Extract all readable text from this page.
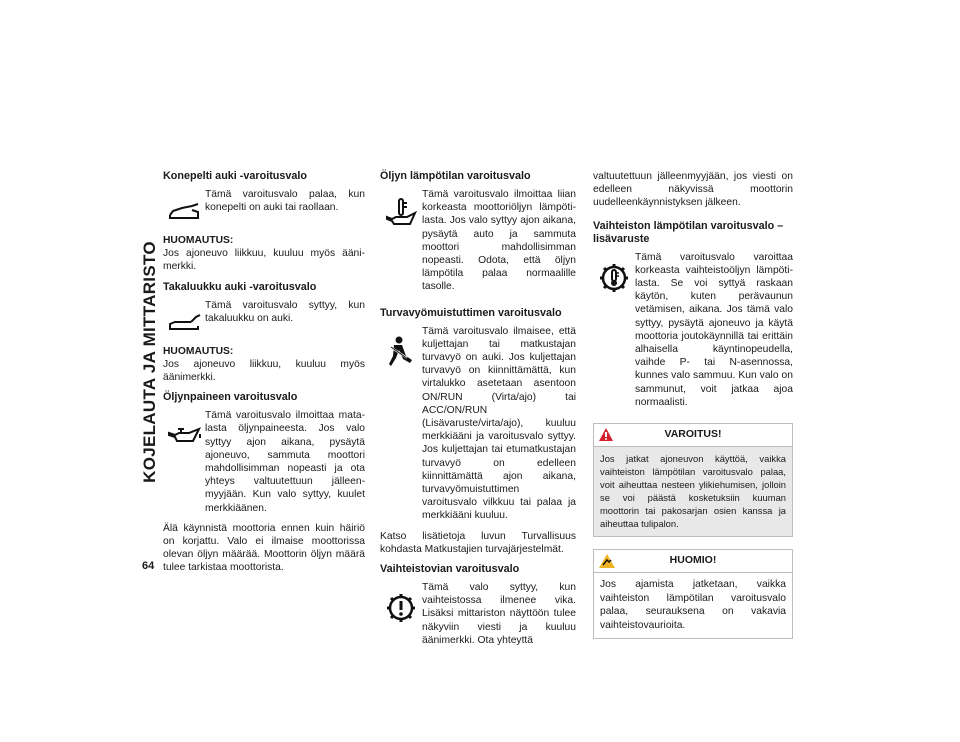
KOJELAUTA JA MITTARISTO
64
Konepelti auki -varoitusvalo

Tämä varoitusvalo palaa, kun konepelti on auki tai raollaan.

HUOMAUTUS:

Jos ajoneuvo liikkuu, kuuluu myös äänimerkki.

Takaluukku auki -varoitusvalo

Tämä varoitusvalo syttyy, kun takaluukku on auki.

HUOMAUTUS:

Jos ajoneuvo liikkuu, kuuluu myös äänimerkki.

Öljynpaineen varoitusvalo

Tämä varoitusvalo ilmoittaa matalasta öljynpaineesta. Jos valo syttyy ajon aikana, pysäytä ajoneuvo, sammuta moottori mahdollisimman nopeasti ja ota yhteys valtuutettuun jälleenmyyjään. Kun valo syttyy, kuulet merkkiäänen.

Älä käynnistä moottoria ennen kuin häiriö on korjattu. Valo ei ilmaise moottorissa olevan öljyn määrää. Moottorin öljyn määrä tulee tarkistaa moottorista.

Öljyn lämpötilan varoitusvalo

Tämä varoitusvalo ilmoittaa liian korkeasta moottoriöljyn lämpötilasta. Jos valo syttyy ajon aikana, pysäytä auto ja sammuta moottori mahdollisimman nopeasti. Odota, että öljyn lämpötila palaa normaalille tasolle.

Turvavyömuistuttimen varoitusvalo

Tämä varoitusvalo ilmaisee, että kuljettajan tai matkustajan turvavyö on auki. Jos kuljettajan turvavyö on kiinnittämättä, kun virtalukko asetetaan asentoon ON/RUN (Virta/ajo) tai ACC/ON/RUN (Lisävaruste/virta/ajo), kuuluu merkkiääni ja varoitusvalo syttyy. Jos kuljettajan tai etumatkustajan turvavyö on edelleen kiinnittämättä ajon aikana, turvavyömuistuttimen varoitusvalo vilkkuu tai palaa ja merkkiääni kuuluu.

Katso lisätietoja luvun Turvallisuus kohdasta Matkustajien turvajärjestelmät.

Vaihteistovian varoitusvalo

Tämä valo syttyy, kun vaihteistossa ilmenee vika. Lisäksi mittariston näyttöön tulee näkyviin viesti ja kuuluu äänimerkki. Ota yhteyttä

valtuutettuun jälleenmyyjään, jos viesti on edelleen näkyvissä moottorin uudelleenkäynnistyksen jälkeen.

Vaihteiston lämpötilan varoitusvalo – lisävaruste

Tämä varoitusvalo varoittaa korkeasta vaihteistoöljyn lämpötilasta. Se voi syttyä raskaan käytön, kuten perävaunun vetämisen, aikana. Jos tämä valo syttyy, pysäytä ajoneuvo ja käytä moottoria joutokäynnillä tai erittäin alhaisella käyntinopeudella, vaihde P- tai N-asennossa, kunnes valo sammuu. Kun valo on sammunut, voit jatkaa ajoa normaalisti.

VAROITUS!
Jos jatkat ajoneuvon käyttöä, vaikka vaihteiston lämpötilan varoitusvalo palaa, voit aiheuttaa nesteen ylikiehumisen, jolloin se voi päästä kosketuksiin kuuman moottorin tai pakosarjan osien kanssa ja aiheuttaa tulipalon.
HUOMIO!
Jos ajamista jatketaan, vaikka vaihteiston lämpötilan varoitusvalo palaa, seurauksena on vakavia vaihteistovaurioita.
